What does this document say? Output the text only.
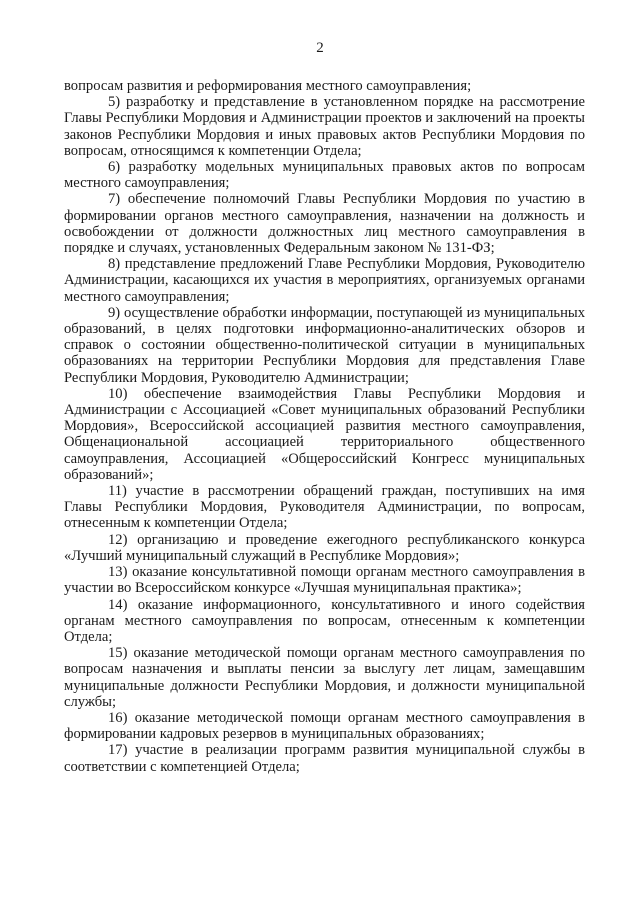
2

вопросам развития и реформирования местного самоуправления;

5) разработку и представление в установленном порядке на рассмотрение Главы Республики Мордовия и Администрации проектов и заключений на проекты законов Республики Мордовия и иных правовых актов Республики Мордовия по вопросам, относящимся к компетенции Отдела;

6) разработку модельных муниципальных правовых актов по вопросам местного самоуправления;

7) обеспечение полномочий Главы Республики Мордовия по участию в формировании органов местного самоуправления, назначении на должность и освобождении от должности должностных лиц местного самоуправления в порядке и случаях, установленных Федеральным законом № 131-ФЗ;

8) представление предложений Главе Республики Мордовия, Руководителю Администрации, касающихся их участия в мероприятиях, организуемых органами местного самоуправления;

9) осуществление обработки информации, поступающей из муниципальных образований, в целях подготовки информационно-аналитических обзоров и справок о состоянии общественно-политической ситуации в муниципальных образованиях на территории Республики Мордовия для представления Главе Республики Мордовия, Руководителю Администрации;

10) обеспечение взаимодействия Главы Республики Мордовия и Администрации с Ассоциацией «Совет муниципальных образований Республики Мордовия», Всероссийской ассоциацией развития местного самоуправления, Общенациональной ассоциацией территориального общественного самоуправления, Ассоциацией «Общероссийский Конгресс муниципальных образований»;

11) участие в рассмотрении обращений граждан, поступивших на имя Главы Республики Мордовия, Руководителя Администрации, по вопросам, отнесенным к компетенции Отдела;

12) организацию и проведение ежегодного республиканского конкурса «Лучший муниципальный служащий в Республике Мордовия»;

13) оказание консультативной помощи органам местного самоуправления в участии во Всероссийском конкурсе «Лучшая муниципальная практика»;

14) оказание информационного, консультативного и иного содействия органам местного самоуправления по вопросам, отнесенным к компетенции Отдела;

15) оказание методической помощи органам местного самоуправления по вопросам назначения и выплаты пенсии за выслугу лет лицам, замещавшим муниципальные должности Республики Мордовия, и должности муниципальной службы;

16) оказание методической помощи органам местного самоуправления в формировании кадровых резервов в муниципальных образованиях;

17) участие в реализации программ развития муниципальной службы в соответствии с компетенцией Отдела;
